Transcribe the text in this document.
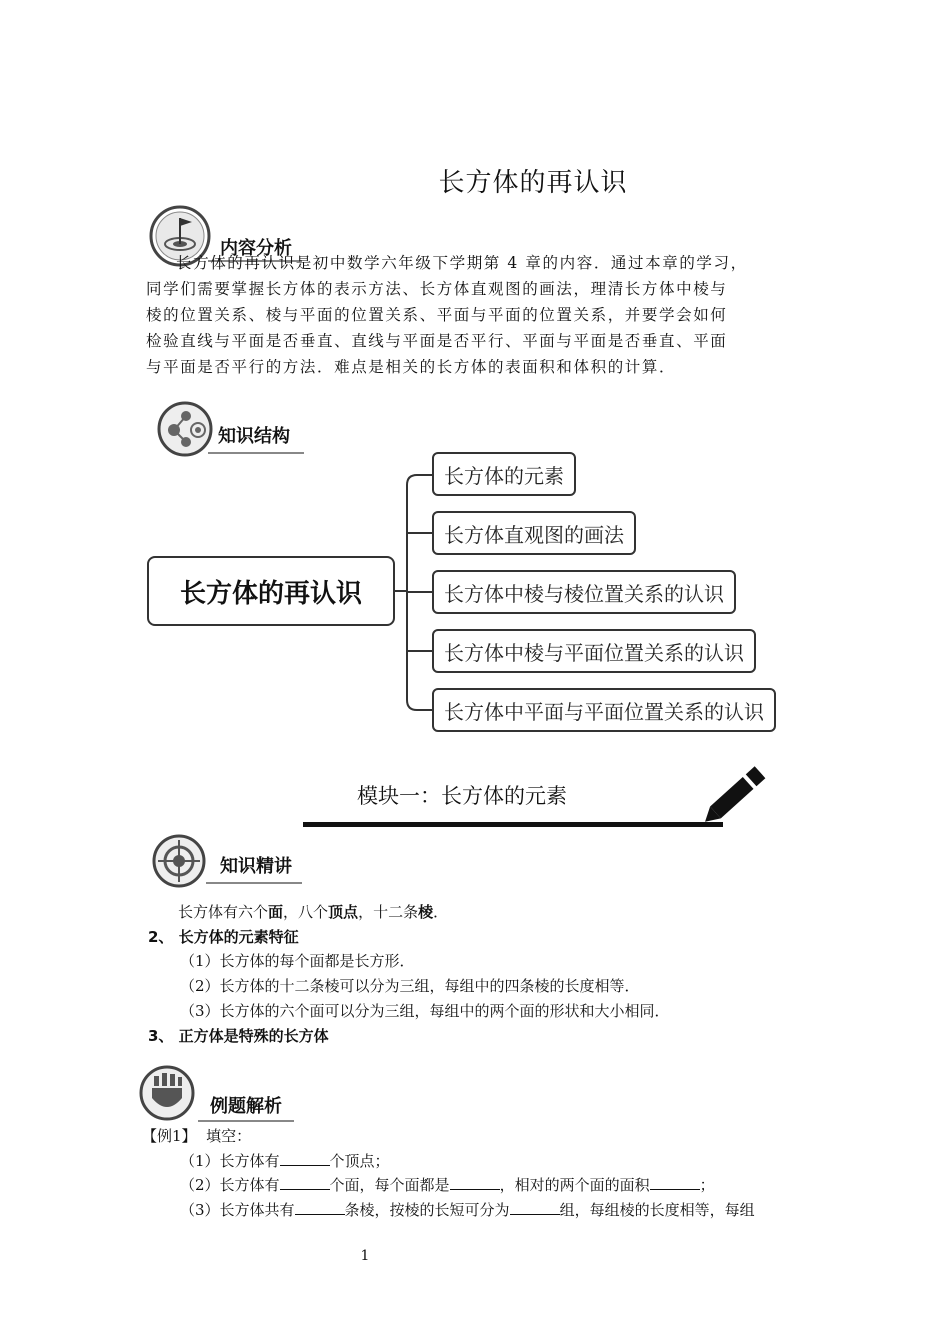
长方体的再认识
内容分析
长方体的再认识是初中数学六年级下学期第 4 章的内容．通过本章的学习，
同学们需要掌握长方体的表示方法、长方体直观图的画法，理清长方体中棱与
棱的位置关系、棱与平面的位置关系、平面与平面的位置关系，并要学会如何
检验直线与平面是否垂直、直线与平面是否平行、平面与平面是否垂直、平面
与平面是否平行的方法．难点是相关的长方体的表面积和体积的计算．
知识结构
长方体的再认识
长方体的元素
长方体直观图的画法
长方体中棱与棱位置关系的认识
长方体中棱与平面位置关系的认识
长方体中平面与平面位置关系的认识
模块一：长方体的元素
知识精讲
长方体有六个面，八个顶点，十二条棱．
2、 长方体的元素特征
（1）长方体的每个面都是长方形．
（2）长方体的十二条棱可以分为三组，每组中的四条棱的长度相等．
（3）长方体的六个面可以分为三组，每组中的两个面的形状和大小相同．
3、 正方体是特殊的长方体
例题解析
【例1】 填空：
（1）长方体有	个顶点；
（2）长方体有	个面，每个面都是	，相对的两个面的面积	；
（3）长方体共有	条棱，按棱的长短可分为	组，每组棱的长度相等，每组
1
